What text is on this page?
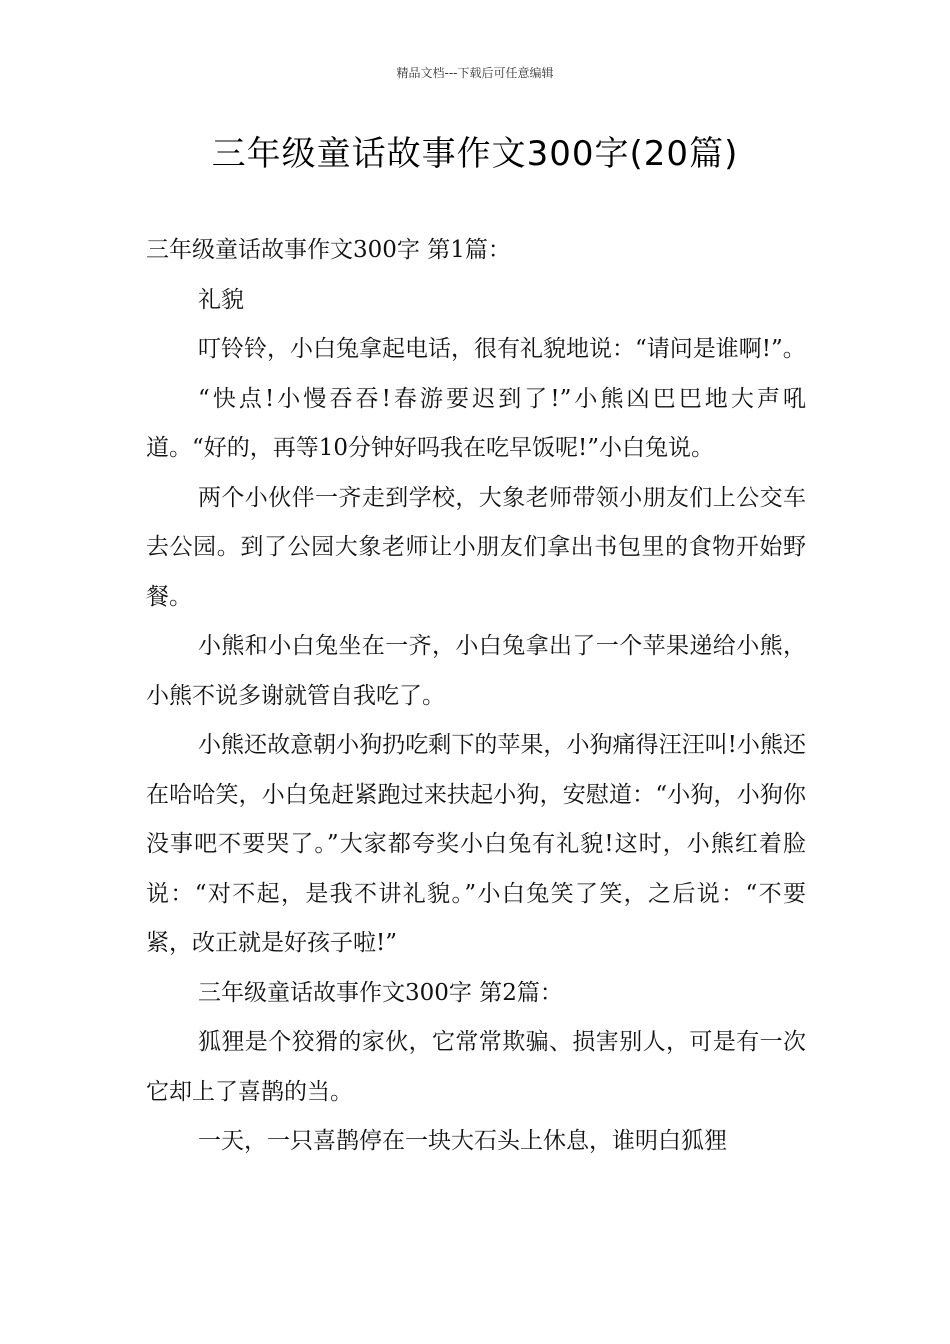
精品文档---下载后可任意编辑
三年级童话故事作文300字(20篇)

三年级童话故事作文300字 第1篇：

礼貌

叮铃铃，小白兔拿起电话，很有礼貌地说：“请问是谁啊!”。

“快点!小慢吞吞!春游要迟到了!”小熊凶巴巴地大声吼道。“好的，再等10分钟好吗我在吃早饭呢!”小白兔说。

两个小伙伴一齐走到学校，大象老师带领小朋友们上公交车去公园。到了公园大象老师让小朋友们拿出书包里的食物开始野餐。

小熊和小白兔坐在一齐，小白兔拿出了一个苹果递给小熊，小熊不说多谢就管自我吃了。

小熊还故意朝小狗扔吃剩下的苹果，小狗痛得汪汪叫!小熊还在哈哈笑，小白兔赶紧跑过来扶起小狗，安慰道：“小狗，小狗你没事吧不要哭了。”大家都夸奖小白兔有礼貌!这时，小熊红着脸说：“对不起，是我不讲礼貌。”小白兔笑了笑，之后说：“不要紧，改正就是好孩子啦!”

三年级童话故事作文300字 第2篇：

狐狸是个狡猾的家伙，它常常欺骗、损害别人，可是有一次它却上了喜鹊的当。

一天，一只喜鹊停在一块大石头上休息，谁明白狐狸
